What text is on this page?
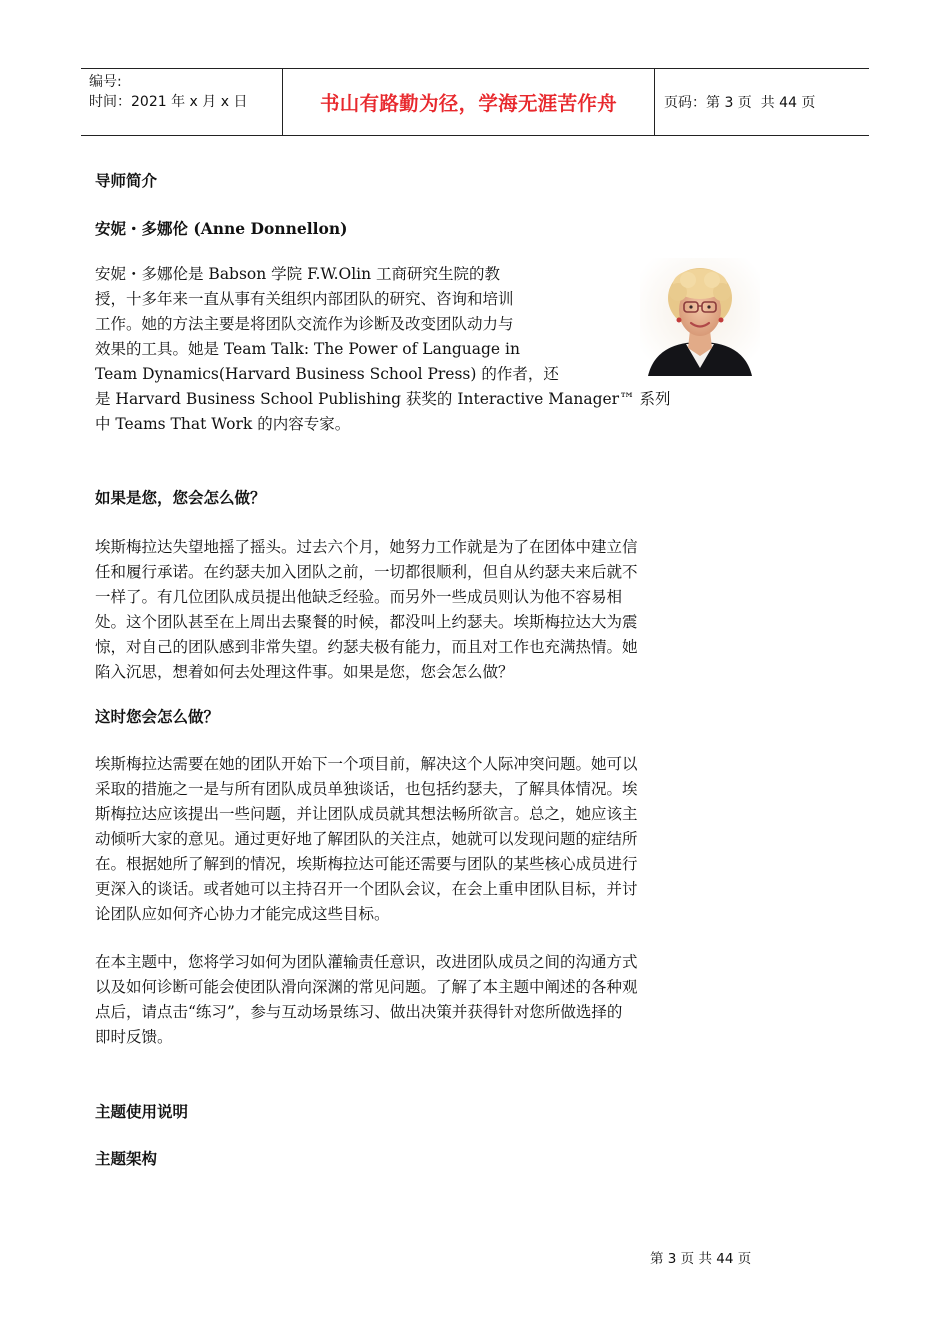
编号:
时间：2021 年 x 月 x 日	书山有路勤为径，学海无涯苦作舟	页码：第 3 页  共 44 页
导师简介
安妮・多娜伦 (Anne Donnellon)
安妮・多娜伦是 Babson 学院 F.W.Olin 工商研究生院的教
授，十多年来一直从事有关组织内部团队的研究、咨询和培训
工作。她的方法主要是将团队交流作为诊断及改变团队动力与
效果的工具。她是 Team Talk: The Power of Language in
Team Dynamics(Harvard Business School Press) 的作者，还
是 Harvard Business School Publishing 获奖的 Interactive Manager™ 系列
中 Teams That Work 的内容专家。
如果是您，您会怎么做？
埃斯梅拉达失望地摇了摇头。过去六个月，她努力工作就是为了在团体中建立信
任和履行承诺。在约瑟夫加入团队之前，一切都很顺利，但自从约瑟夫来后就不
一样了。有几位团队成员提出他缺乏经验。而另外一些成员则认为他不容易相
处。这个团队甚至在上周出去聚餐的时候，都没叫上约瑟夫。埃斯梅拉达大为震
惊，对自己的团队感到非常失望。约瑟夫极有能力，而且对工作也充满热情。她
陷入沉思，想着如何去处理这件事。如果是您，您会怎么做？
这时您会怎么做？
埃斯梅拉达需要在她的团队开始下一个项目前，解决这个人际冲突问题。她可以
采取的措施之一是与所有团队成员单独谈话，也包括约瑟夫，了解具体情况。埃
斯梅拉达应该提出一些问题，并让团队成员就其想法畅所欲言。总之，她应该主
动倾听大家的意见。通过更好地了解团队的关注点，她就可以发现问题的症结所
在。根据她所了解到的情况，埃斯梅拉达可能还需要与团队的某些核心成员进行
更深入的谈话。或者她可以主持召开一个团队会议，在会上重申团队目标，并讨
论团队应如何齐心协力才能完成这些目标。
在本主题中，您将学习如何为团队灌输责任意识，改进团队成员之间的沟通方式
以及如何诊断可能会使团队滑向深渊的常见问题。了解了本主题中阐述的各种观
点后，请点击“练习”，参与互动场景练习、做出决策并获得针对您所做选择的
即时反馈。
主题使用说明
主题架构
第 3 页 共 44 页
